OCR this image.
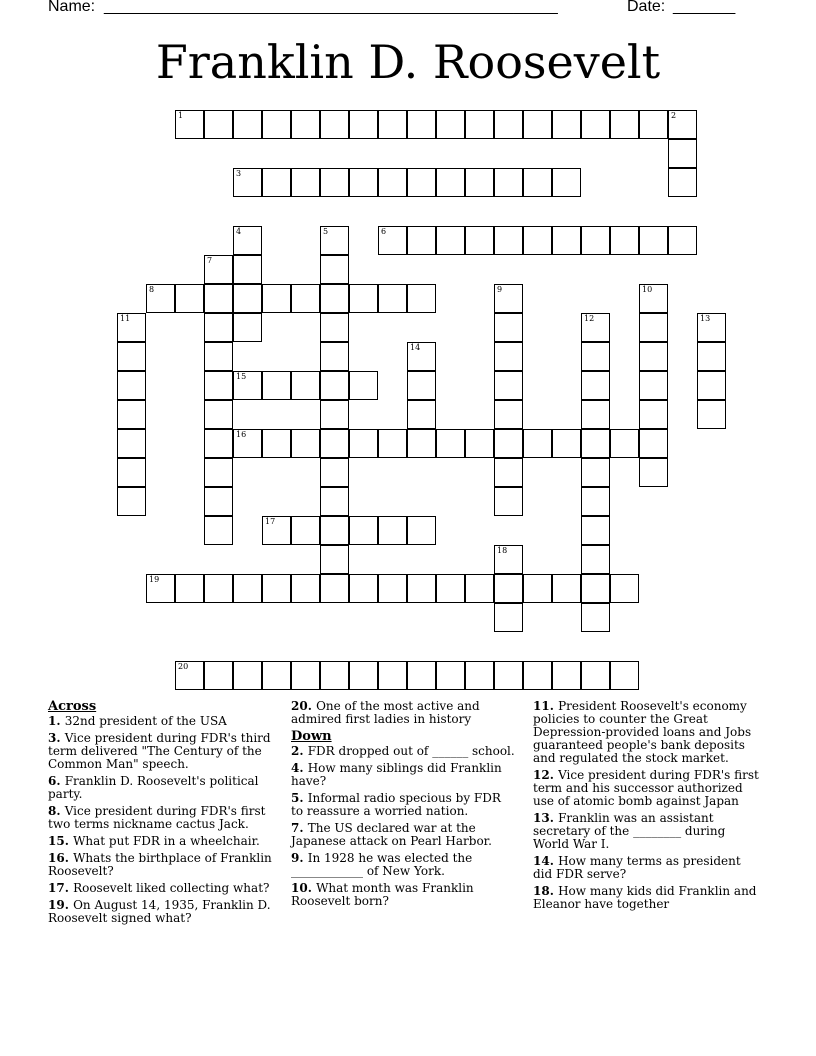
Name: ___________________________________________________	Date: _______
Franklin D. Roosevelt
1	2
3
4	5	6
7
8	9	10
11	12	13
14
15
16
17
18
19
20
Across
1. 32nd president of the USA
3. Vice president during FDR's third term delivered "The Century of the Common Man" speech.
6. Franklin D. Roosevelt's political party.
8. Vice president during FDR's first two terms nickname cactus Jack.
15. What put FDR in a wheelchair.
16. Whats the birthplace of Franklin Roosevelt?
17. Roosevelt liked collecting what?
19. On August 14, 1935, Franklin D. Roosevelt signed what?
20. One of the most active and admired first ladies in history
Down
2. FDR dropped out of ______ school.
4. How many siblings did Franklin have?
5. Informal radio specious by FDR to reassure a worried nation.
7. The US declared war at the Japanese attack on Pearl Harbor.
9. In 1928 he was elected the ____________ of New York.
10. What month was Franklin Roosevelt born?
11. President Roosevelt's economy policies to counter the Great Depression-provided loans and Jobs guaranteed people's bank deposits and regulated the stock market.
12. Vice president during FDR's first term and his successor authorized use of atomic bomb against Japan
13. Franklin was an assistant secretary of the ________ during World War I.
14. How many terms as president did FDR serve?
18. How many kids did Franklin and Eleanor have together
